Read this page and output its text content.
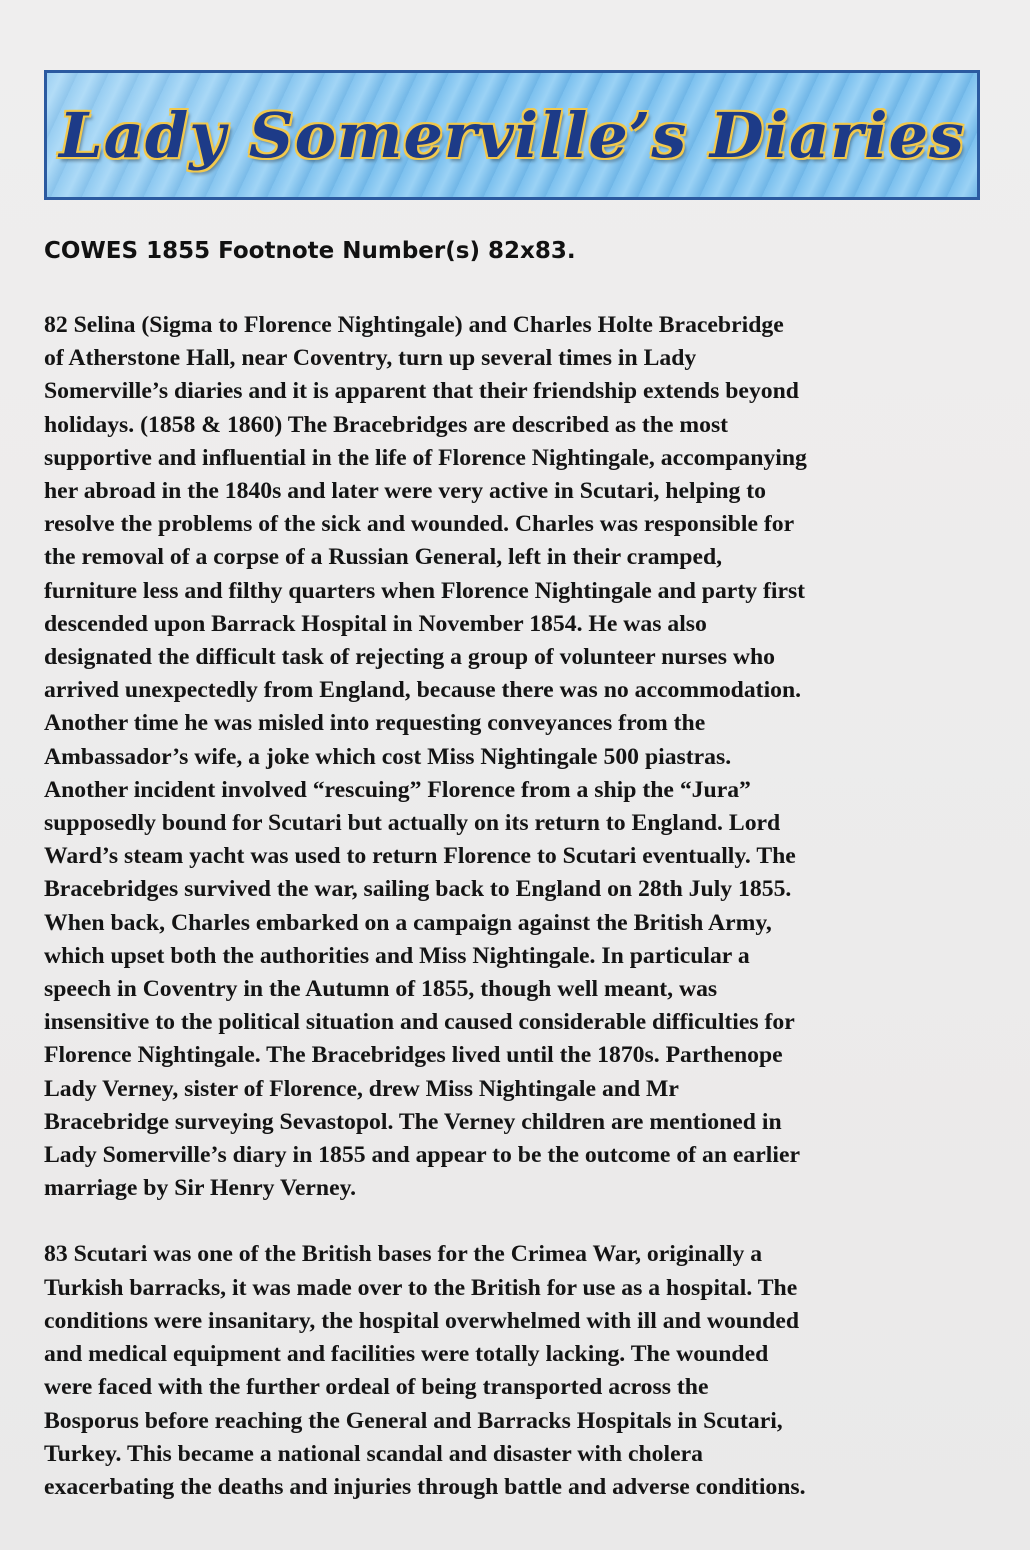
Lady Somerville’s Diaries
COWES 1855 Footnote Number(s) 82x83.

82 Selina (Sigma to Florence Nightingale) and Charles Holte Bracebridge

of Atherstone Hall, near Coventry, turn up several times in Lady

Somerville’s diaries and it is apparent that their friendship extends beyond

holidays. (1858 & 1860) The Bracebridges are described as the most

supportive and influential in the life of Florence Nightingale, accompanying

her abroad in the 1840s and later were very active in Scutari, helping to

resolve the problems of the sick and wounded. Charles was responsible for

the removal of a corpse of a Russian General, left in their cramped,

furniture less and filthy quarters when Florence Nightingale and party first

descended upon Barrack Hospital in November 1854. He was also

designated the difficult task of rejecting a group of volunteer nurses who

arrived unexpectedly from England, because there was no accommodation.

Another time he was misled into requesting conveyances from the

Ambassador’s wife, a joke which cost Miss Nightingale 500 piastras.

Another incident involved “rescuing” Florence from a ship the “Jura”

supposedly bound for Scutari but actually on its return to England. Lord

Ward’s steam yacht was used to return Florence to Scutari eventually. The

Bracebridges survived the war, sailing back to England on 28th July 1855.

When back, Charles embarked on a campaign against the British Army,

which upset both the authorities and Miss Nightingale. In particular a

speech in Coventry in the Autumn of 1855, though well meant, was

insensitive to the political situation and caused considerable difficulties for

Florence Nightingale. The Bracebridges lived until the 1870s. Parthenope

Lady Verney, sister of Florence, drew Miss Nightingale and Mr

Bracebridge surveying Sevastopol. The Verney children are mentioned in

Lady Somerville’s diary in 1855 and appear to be the outcome of an earlier

marriage by Sir Henry Verney.

83 Scutari was one of the British bases for the Crimea War, originally a

Turkish barracks, it was made over to the British for use as a hospital. The

conditions were insanitary, the hospital overwhelmed with ill and wounded

and medical equipment and facilities were totally lacking. The wounded

were faced with the further ordeal of being transported across the

Bosporus before reaching the General and Barracks Hospitals in Scutari,

Turkey. This became a national scandal and disaster with cholera

exacerbating the deaths and injuries through battle and adverse conditions.
